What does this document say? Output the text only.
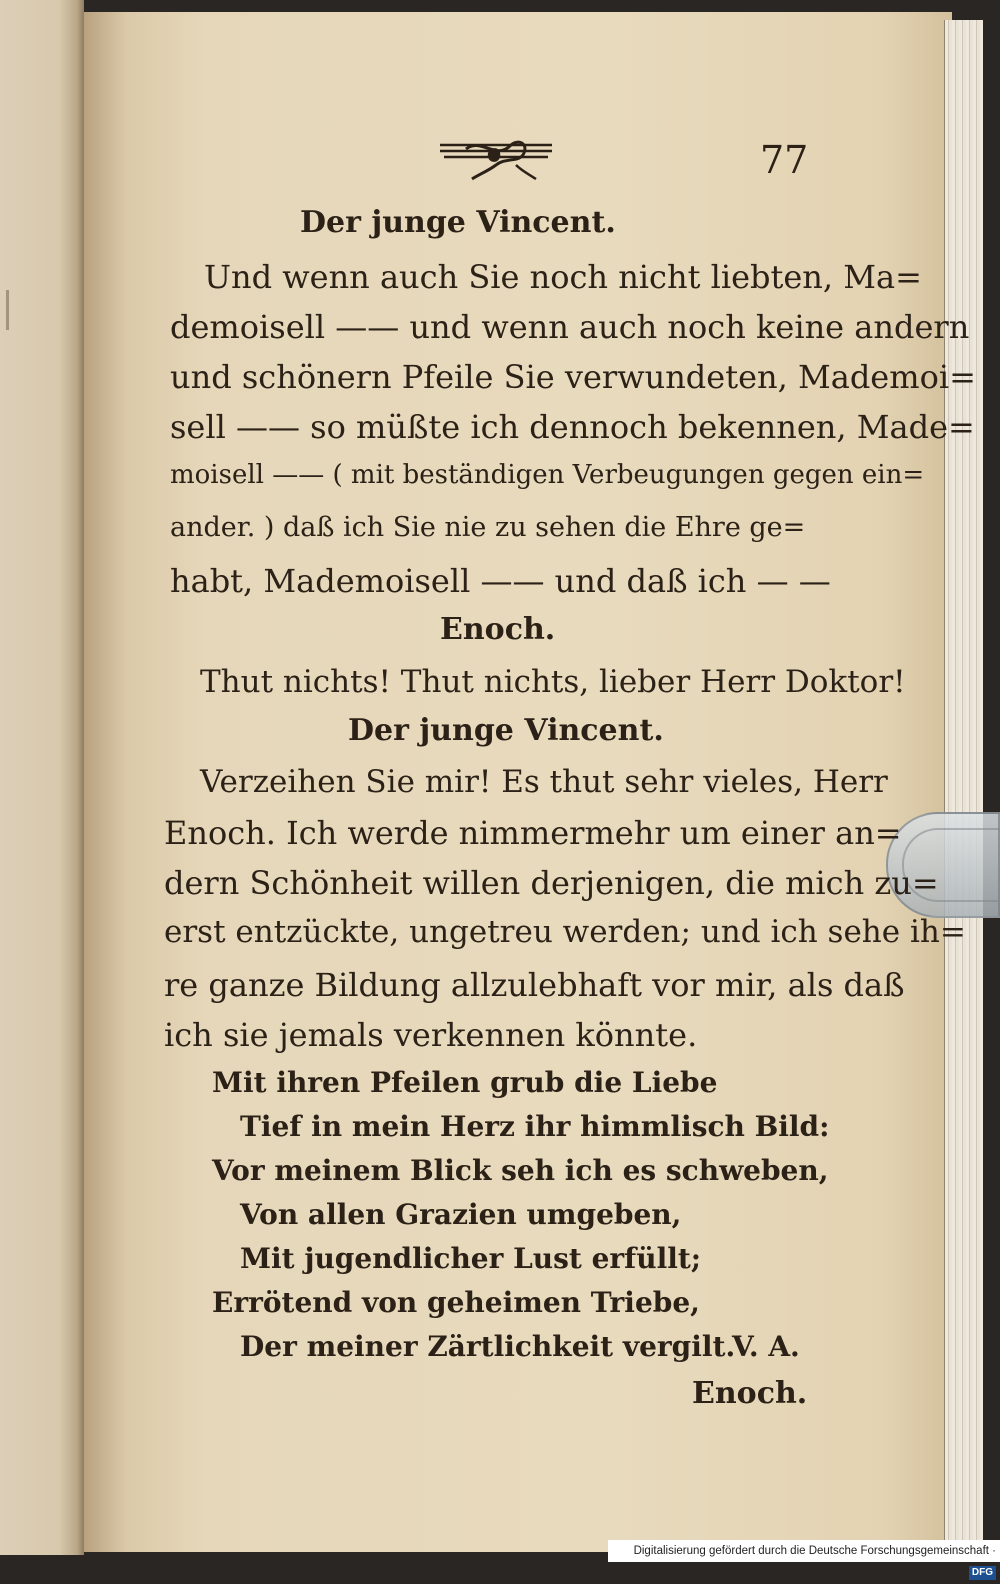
77
Der junge Vincent.
Und wenn auch Sie noch nicht liebten, Ma=
demoisell —— und wenn auch noch keine andern
und schönern Pfeile Sie verwundeten, Mademoi=
sell —— so müßte ich dennoch bekennen, Made=
moisell —— ( mit beständigen Verbeugungen gegen ein=
ander. ) daß ich Sie nie zu sehen die Ehre ge=
habt, Mademoisell —— und daß ich — —
Enoch.
Thut nichts! Thut nichts, lieber Herr Doktor!
Der junge Vincent.
Verzeihen Sie mir! Es thut sehr vieles, Herr
Enoch. Ich werde nimmermehr um einer an=
dern Schönheit willen derjenigen, die mich zu=
erst entzückte, ungetreu werden; und ich sehe ih=
re ganze Bildung allzulebhaft vor mir, als daß
ich sie jemals verkennen könnte.
Mit ihren Pfeilen grub die Liebe
Tief in mein Herz ihr himmlisch Bild:
Vor meinem Blick seh ich es schweben,
Von allen Grazien umgeben,
Mit jugendlicher Lust erfüllt;
Errötend von geheimen Triebe,
Der meiner Zärtlichkeit vergilt.
V. A.
Enoch.
Digitalisierung gefördert durch die Deutsche Forschungsgemeinschaft ·DFG
